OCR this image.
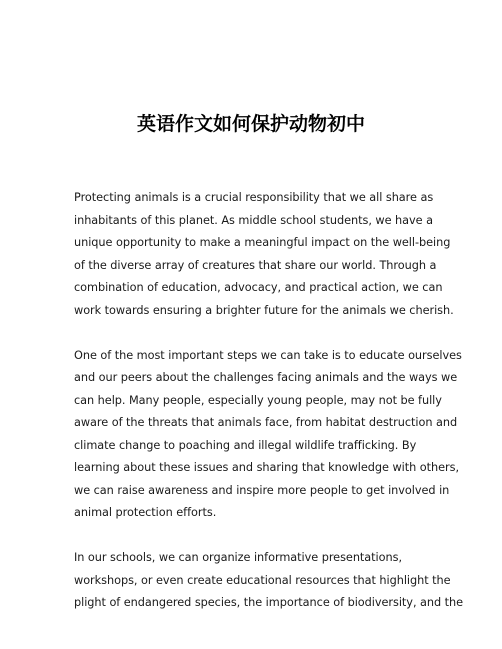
英语作文如何保护动物初中

Protecting animals is a crucial responsibility that we all share as
inhabitants of this planet. As middle school students, we have a
unique opportunity to make a meaningful impact on the well-being
of the diverse array of creatures that share our world. Through a
combination of education, advocacy, and practical action, we can
work towards ensuring a brighter future for the animals we cherish.

One of the most important steps we can take is to educate ourselves
and our peers about the challenges facing animals and the ways we
can help. Many people, especially young people, may not be fully
aware of the threats that animals face, from habitat destruction and
climate change to poaching and illegal wildlife trafficking. By
learning about these issues and sharing that knowledge with others,
we can raise awareness and inspire more people to get involved in
animal protection efforts.

In our schools, we can organize informative presentations,
workshops, or even create educational resources that highlight the
plight of endangered species, the importance of biodiversity, and the
